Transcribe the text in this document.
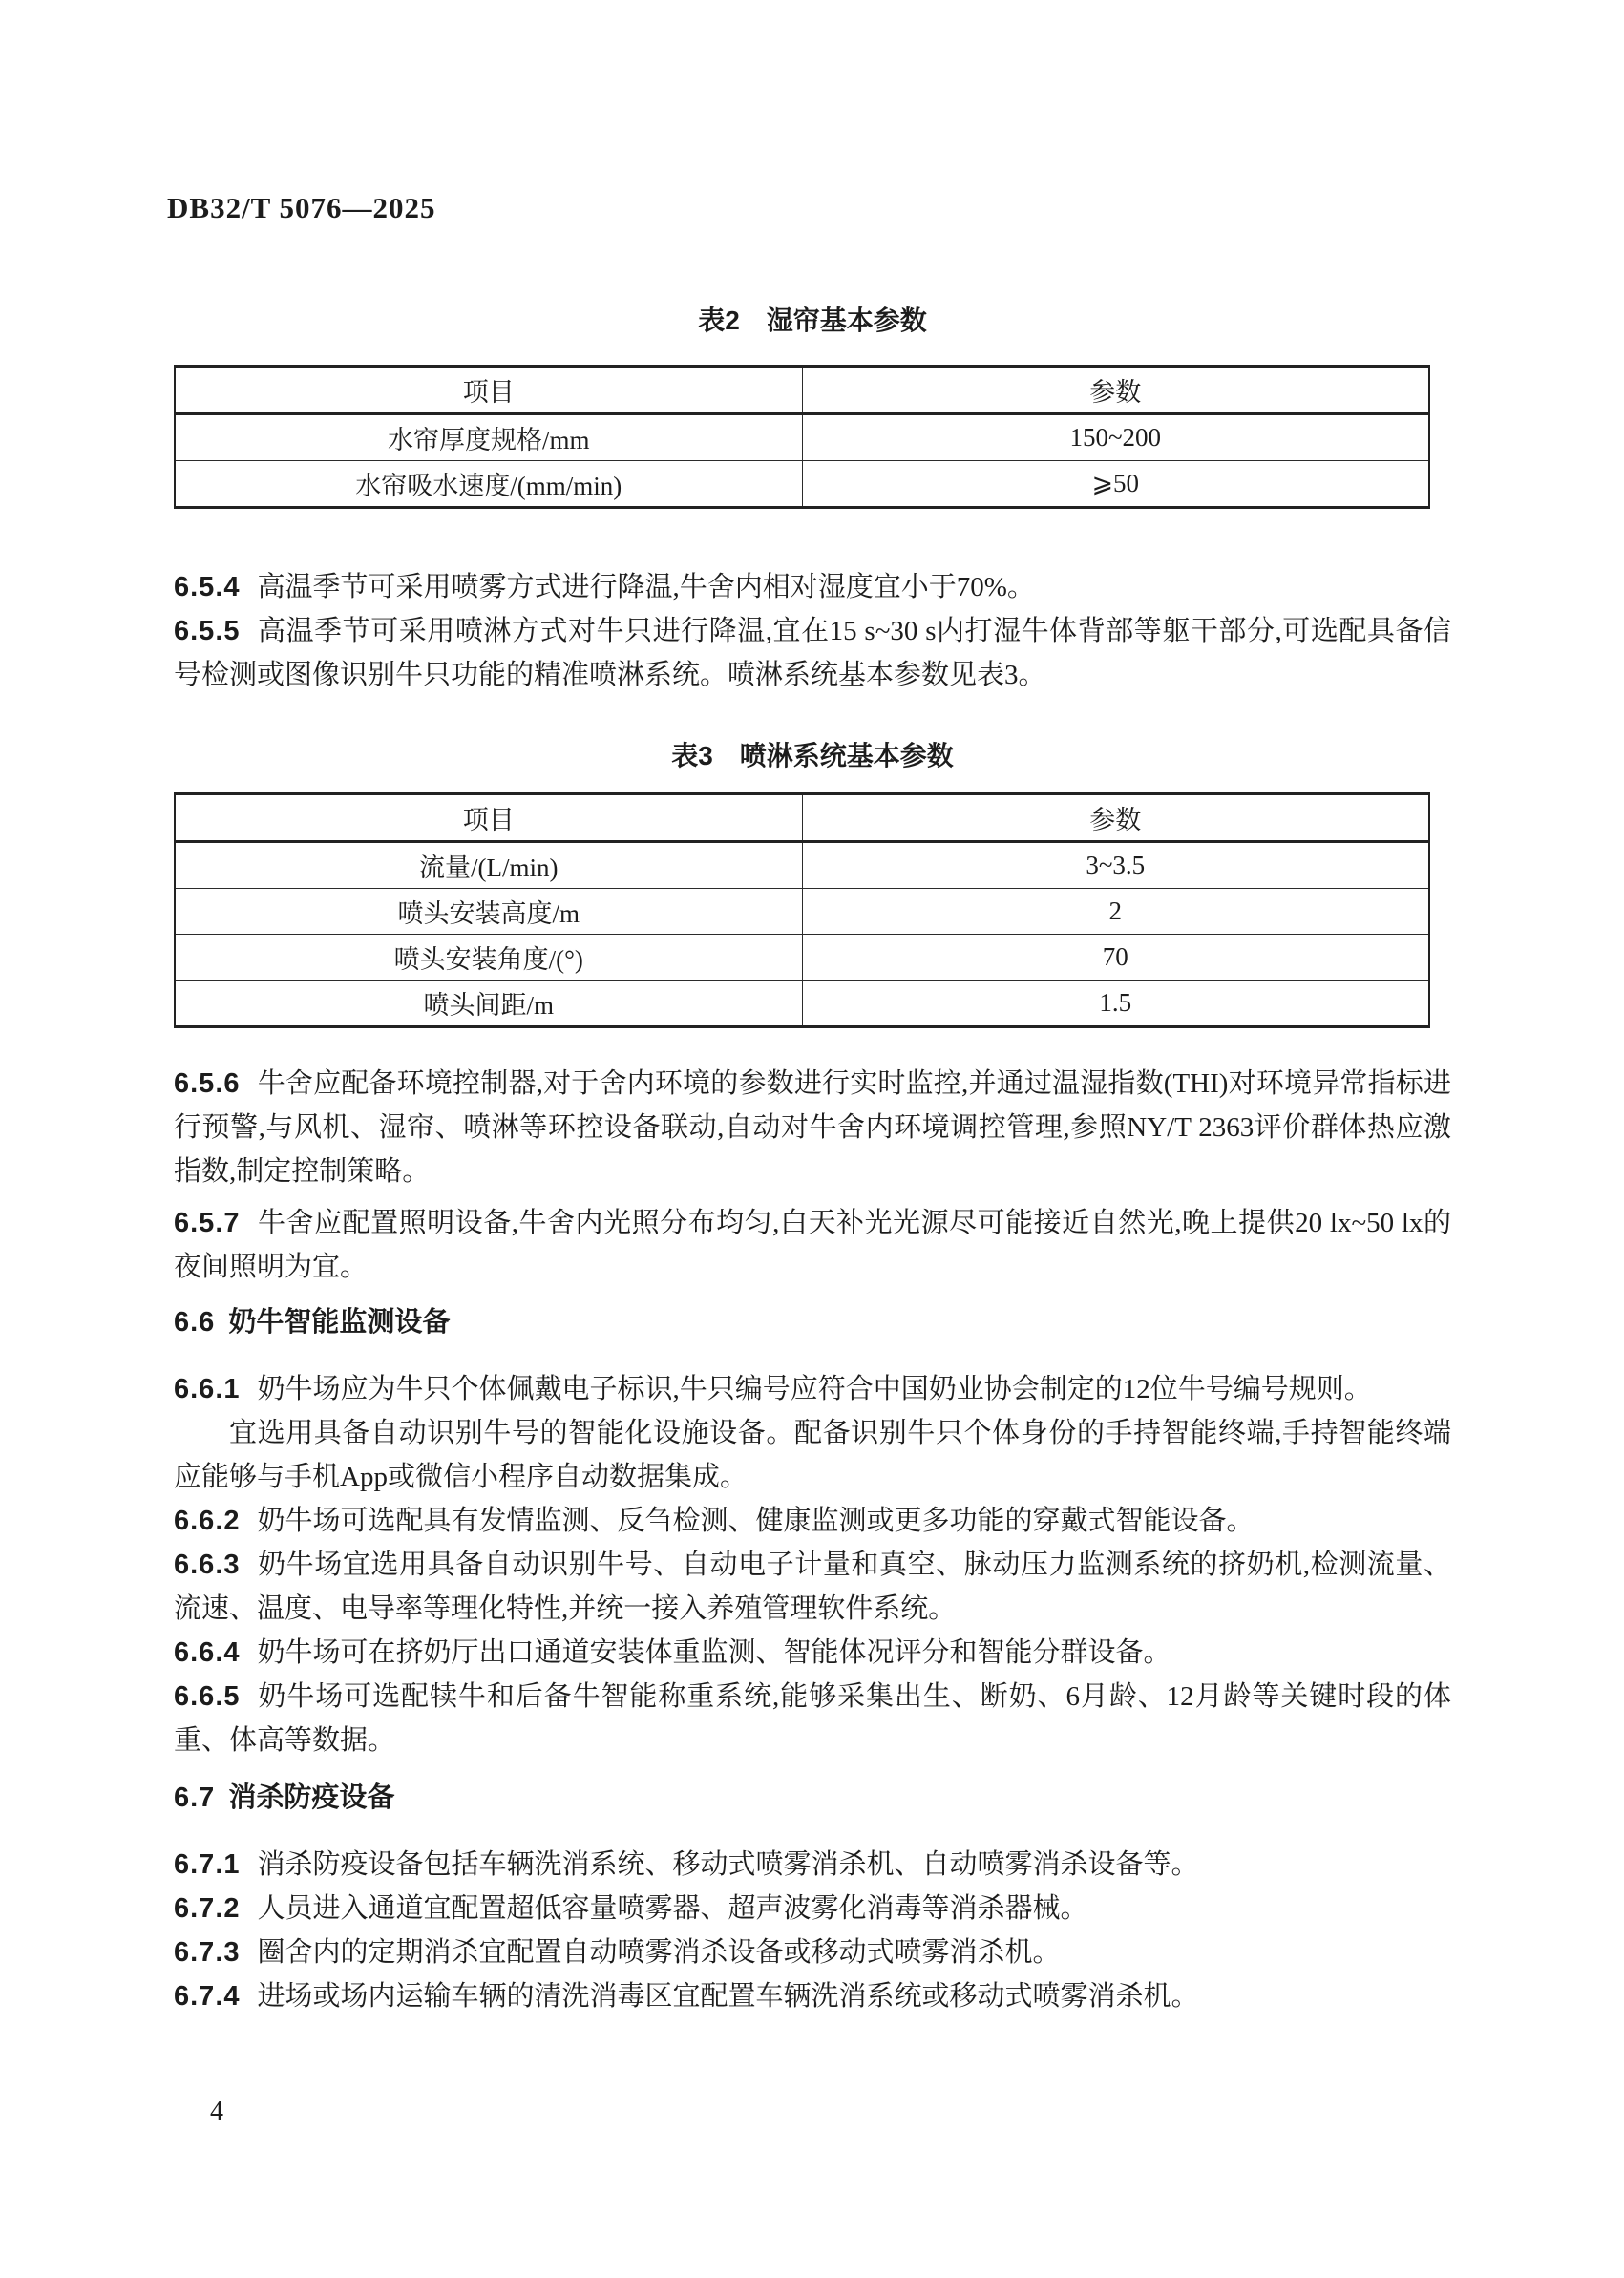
DB32/T 5076—2025
表2　湿帘基本参数
项目	参数
水帘厚度规格/mm	150~200
水帘吸水速度/(mm/min)	⩾50
6.5.4 高温季节可采用喷雾方式进行降温,牛舍内相对湿度宜小于70%。
6.5.5 高温季节可采用喷淋方式对牛只进行降温,宜在15 s~30 s内打湿牛体背部等躯干部分,可选配具备信号检测或图像识别牛只功能的精准喷淋系统。喷淋系统基本参数见表3。
表3　喷淋系统基本参数
项目	参数
流量/(L/min)	3~3.5
喷头安装高度/m	2
喷头安装角度/(°)	70
喷头间距/m	1.5
6.5.6 牛舍应配备环境控制器,对于舍内环境的参数进行实时监控,并通过温湿指数(THI)对环境异常指标进行预警,与风机、湿帘、喷淋等环控设备联动,自动对牛舍内环境调控管理,参照NY/T 2363评价群体热应激指数,制定控制策略。
6.5.7 牛舍应配置照明设备,牛舍内光照分布均匀,白天补光光源尽可能接近自然光,晚上提供20 lx~50 lx的夜间照明为宜。
6.6 奶牛智能监测设备
6.6.1 奶牛场应为牛只个体佩戴电子标识,牛只编号应符合中国奶业协会制定的12位牛号编号规则。
宜选用具备自动识别牛号的智能化设施设备。配备识别牛只个体身份的手持智能终端,手持智能终端应能够与手机App或微信小程序自动数据集成。
6.6.2 奶牛场可选配具有发情监测、反刍检测、健康监测或更多功能的穿戴式智能设备。
6.6.3 奶牛场宜选用具备自动识别牛号、自动电子计量和真空、脉动压力监测系统的挤奶机,检测流量、流速、温度、电导率等理化特性,并统一接入养殖管理软件系统。
6.6.4 奶牛场可在挤奶厅出口通道安装体重监测、智能体况评分和智能分群设备。
6.6.5 奶牛场可选配犊牛和后备牛智能称重系统,能够采集出生、断奶、6月龄、12月龄等关键时段的体重、体高等数据。
6.7 消杀防疫设备
6.7.1 消杀防疫设备包括车辆洗消系统、移动式喷雾消杀机、自动喷雾消杀设备等。
6.7.2 人员进入通道宜配置超低容量喷雾器、超声波雾化消毒等消杀器械。
6.7.3 圈舍内的定期消杀宜配置自动喷雾消杀设备或移动式喷雾消杀机。
6.7.4 进场或场内运输车辆的清洗消毒区宜配置车辆洗消系统或移动式喷雾消杀机。
4
